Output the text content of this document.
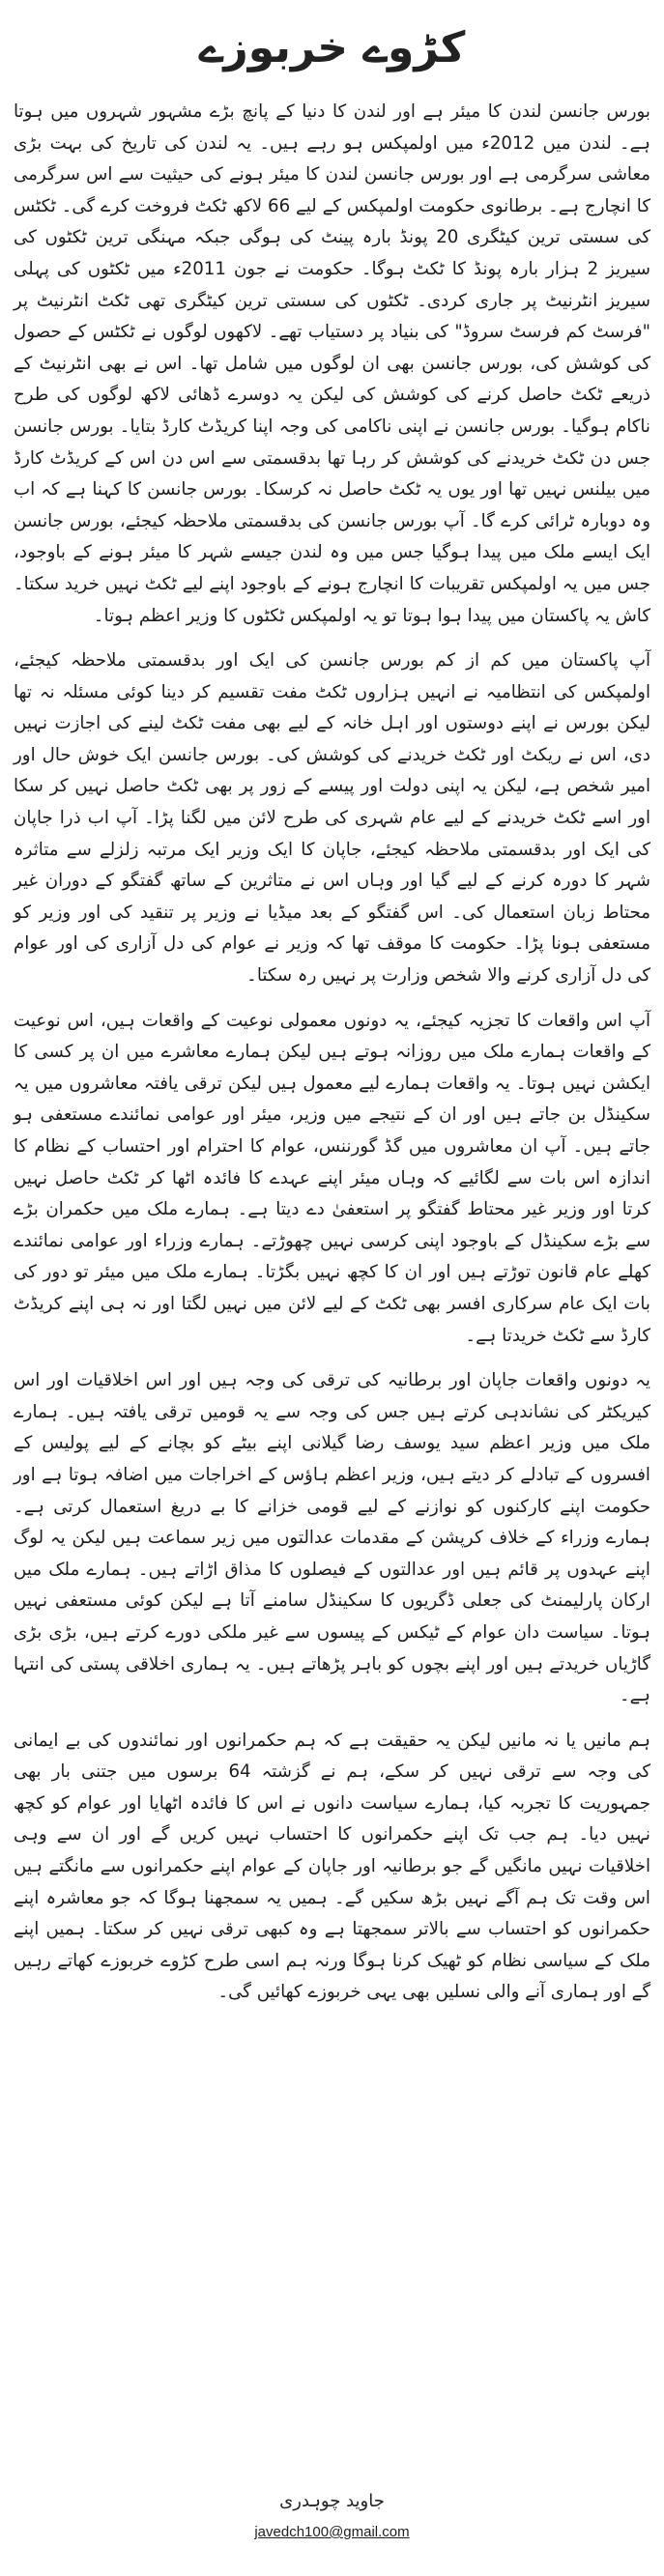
کڑوے خربوزے

بورس جانسن لندن کا میئر ہے اور لندن کا دنیا کے پانچ بڑے مشہور شہروں میں ہوتا ہے۔ لندن میں 2012ء میں اولمپکس ہو رہے ہیں۔ یہ لندن کی تاریخ کی بہت بڑی معاشی سرگرمی ہے اور بورس جانسن لندن کا میئر ہونے کی حیثیت سے اس سرگرمی کا انچارج ہے۔ برطانوی حکومت اولمپکس کے لیے 66 لاکھ ٹکٹ فروخت کرے گی۔ ٹکٹس کی سستی ترین کیٹگری 20 پونڈ بارہ پینٹ کی ہوگی جبکہ مہنگی ترین ٹکٹوں کی سیریز 2 ہزار بارہ پونڈ کا ٹکٹ ہوگا۔ حکومت نے جون 2011ء میں ٹکٹوں کی پہلی سیریز انٹرنیٹ پر جاری کردی۔ ٹکٹوں کی سستی ترین کیٹگری تھی ٹکٹ انٹرنیٹ پر "فرسٹ کم فرسٹ سروڈ" کی بنیاد پر دستیاب تھے۔ لاکھوں لوگوں نے ٹکٹس کے حصول کی کوشش کی، بورس جانسن بھی ان لوگوں میں شامل تھا۔ اس نے بھی انٹرنیٹ کے ذریعے ٹکٹ حاصل کرنے کی کوشش کی لیکن یہ دوسرے ڈھائی لاکھ لوگوں کی طرح ناکام ہوگیا۔ بورس جانسن نے اپنی ناکامی کی وجہ اپنا کریڈٹ کارڈ بتایا۔ بورس جانسن جس دن ٹکٹ خریدنے کی کوشش کر رہا تھا بدقسمتی سے اس دن اس کے کریڈٹ کارڈ میں بیلنس نہیں تھا اور یوں یہ ٹکٹ حاصل نہ کرسکا۔ بورس جانسن کا کہنا ہے کہ اب وہ دوبارہ ٹرائی کرے گا۔ آپ بورس جانسن کی بدقسمتی ملاحظہ کیجئے، بورس جانسن ایک ایسے ملک میں پیدا ہوگیا جس میں وہ لندن جیسے شہر کا میئر ہونے کے باوجود، جس میں یہ اولمپکس تقریبات کا انچارج ہونے کے باوجود اپنے لیے ٹکٹ نہیں خرید سکتا۔ کاش یہ پاکستان میں پیدا ہوا ہوتا تو یہ اولمپکس ٹکٹوں کا وزیر اعظم ہوتا۔

آپ پاکستان میں کم از کم بورس جانسن کی ایک اور بدقسمتی ملاحظہ کیجئے، اولمپکس کی انتظامیہ نے انہیں ہزاروں ٹکٹ مفت تقسیم کر دینا کوئی مسئلہ نہ تھا لیکن بورس نے اپنے دوستوں اور اہل خانہ کے لیے بھی مفت ٹکٹ لینے کی اجازت نہیں دی، اس نے ریکٹ اور ٹکٹ خریدنے کی کوشش کی۔ بورس جانسن ایک خوش حال اور امیر شخص ہے، لیکن یہ اپنی دولت اور پیسے کے زور پر بھی ٹکٹ حاصل نہیں کر سکا اور اسے ٹکٹ خریدنے کے لیے عام شہری کی طرح لائن میں لگنا پڑا۔ آپ اب ذرا جاپان کی ایک اور بدقسمتی ملاحظہ کیجئے، جاپان کا ایک وزیر ایک مرتبہ زلزلے سے متاثرہ شہر کا دورہ کرنے کے لیے گیا اور وہاں اس نے متاثرین کے ساتھ گفتگو کے دوران غیر محتاط زبان استعمال کی۔ اس گفتگو کے بعد میڈیا نے وزیر پر تنقید کی اور وزیر کو مستعفی ہونا پڑا۔ حکومت کا موقف تھا کہ وزیر نے عوام کی دل آزاری کی اور عوام کی دل آزاری کرنے والا شخص وزارت پر نہیں رہ سکتا۔

آپ اس واقعات کا تجزیہ کیجئے، یہ دونوں معمولی نوعیت کے واقعات ہیں، اس نوعیت کے واقعات ہمارے ملک میں روزانہ ہوتے ہیں لیکن ہمارے معاشرے میں ان پر کسی کا ایکشن نہیں ہوتا۔ یہ واقعات ہمارے لیے معمول ہیں لیکن ترقی یافتہ معاشروں میں یہ سکینڈل بن جاتے ہیں اور ان کے نتیجے میں وزیر، میئر اور عوامی نمائندے مستعفی ہو جاتے ہیں۔ آپ ان معاشروں میں گڈ گورننس، عوام کا احترام اور احتساب کے نظام کا اندازہ اس بات سے لگائیے کہ وہاں میئر اپنے عہدے کا فائدہ اٹھا کر ٹکٹ حاصل نہیں کرتا اور وزیر غیر محتاط گفتگو پر استعفیٰ دے دیتا ہے۔ ہمارے ملک میں حکمران بڑے سے بڑے سکینڈل کے باوجود اپنی کرسی نہیں چھوڑتے۔ ہمارے وزراء اور عوامی نمائندے کھلے عام قانون توڑتے ہیں اور ان کا کچھ نہیں بگڑتا۔ ہمارے ملک میں میئر تو دور کی بات ایک عام سرکاری افسر بھی ٹکٹ کے لیے لائن میں نہیں لگتا اور نہ ہی اپنے کریڈٹ کارڈ سے ٹکٹ خریدتا ہے۔

یہ دونوں واقعات جاپان اور برطانیہ کی ترقی کی وجہ ہیں اور اس اخلاقیات اور اس کیریکٹر کی نشاندہی کرتے ہیں جس کی وجہ سے یہ قومیں ترقی یافتہ ہیں۔ ہمارے ملک میں وزیر اعظم سید یوسف رضا گیلانی اپنے بیٹے کو بچانے کے لیے پولیس کے افسروں کے تبادلے کر دیتے ہیں، وزیر اعظم ہاؤس کے اخراجات میں اضافہ ہوتا ہے اور حکومت اپنے کارکنوں کو نوازنے کے لیے قومی خزانے کا بے دریغ استعمال کرتی ہے۔ ہمارے وزراء کے خلاف کرپشن کے مقدمات عدالتوں میں زیر سماعت ہیں لیکن یہ لوگ اپنے عہدوں پر قائم ہیں اور عدالتوں کے فیصلوں کا مذاق اڑاتے ہیں۔ ہمارے ملک میں ارکان پارلیمنٹ کی جعلی ڈگریوں کا سکینڈل سامنے آتا ہے لیکن کوئی مستعفی نہیں ہوتا۔ سیاست دان عوام کے ٹیکس کے پیسوں سے غیر ملکی دورے کرتے ہیں، بڑی بڑی گاڑیاں خریدتے ہیں اور اپنے بچوں کو باہر پڑھاتے ہیں۔ یہ ہماری اخلاقی پستی کی انتہا ہے۔

ہم مانیں یا نہ مانیں لیکن یہ حقیقت ہے کہ ہم حکمرانوں اور نمائندوں کی بے ایمانی کی وجہ سے ترقی نہیں کر سکے، ہم نے گزشتہ 64 برسوں میں جتنی بار بھی جمہوریت کا تجربہ کیا، ہمارے سیاست دانوں نے اس کا فائدہ اٹھایا اور عوام کو کچھ نہیں دیا۔ ہم جب تک اپنے حکمرانوں کا احتساب نہیں کریں گے اور ان سے وہی اخلاقیات نہیں مانگیں گے جو برطانیہ اور جاپان کے عوام اپنے حکمرانوں سے مانگتے ہیں اس وقت تک ہم آگے نہیں بڑھ سکیں گے۔ ہمیں یہ سمجھنا ہوگا کہ جو معاشرہ اپنے حکمرانوں کو احتساب سے بالاتر سمجھتا ہے وہ کبھی ترقی نہیں کر سکتا۔ ہمیں اپنے ملک کے سیاسی نظام کو ٹھیک کرنا ہوگا ورنہ ہم اسی طرح کڑوے خربوزے کھاتے رہیں گے اور ہماری آنے والی نسلیں بھی یہی خربوزے کھائیں گی۔

جاوید چوہدری
javedch100@gmail.com
